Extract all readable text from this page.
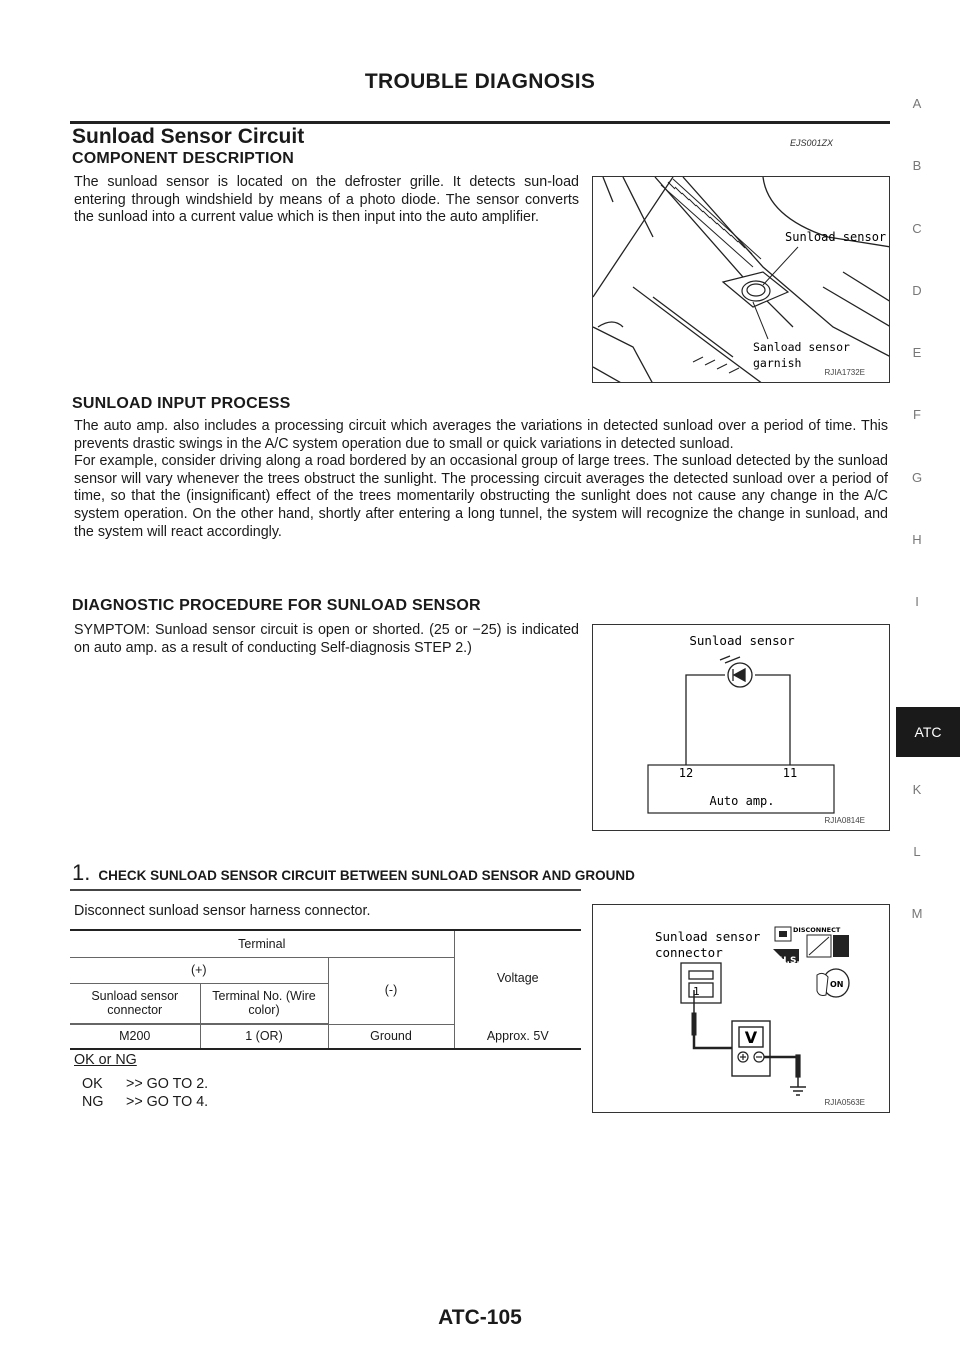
TROUBLE DIAGNOSIS
Sunload Sensor Circuit	EJS001ZX
COMPONENT DESCRIPTION

The sunload sensor is located on the defroster grille. It detects sun-load entering through windshield by means of a photo diode. The sensor converts the sunload into a current value which is then input into the auto amplifier.

Sunload sensor
Sanload sensor
garnish
RJIA1732E
SUNLOAD INPUT PROCESS

The auto amp. also includes a processing circuit which averages the variations in detected sunload over a period of time. This prevents drastic swings in the A/C system operation due to small or quick variations in detected sunload.

For example, consider driving along a road bordered by an occasional group of large trees. The sunload detected by the sunload sensor will vary whenever the trees obstruct the sunlight. The processing circuit averages the detected sunload over a period of time, so that the (insignificant) effect of the trees momentarily obstructing the sunlight does not cause any change in the A/C system operation. On the other hand, shortly after entering a long tunnel, the system will recognize the change in sunload, and the system will react accordingly.

DIAGNOSTIC PROCEDURE FOR SUNLOAD SENSOR

SYMPTOM: Sunload sensor circuit is open or shorted. (25 or −25) is indicated on auto amp. as a result of conducting Self-diagnosis STEP 2.)	Sunload sensor
12	11
Auto amp.
RJIA0814E
1. CHECK SUNLOAD SENSOR CIRCUIT BETWEEN SUNLOAD SENSOR AND GROUND
Disconnect sunload sensor harness connector.
Terminal			Voltage
(+)		(-)	
Sunload sensor connector	Terminal No. (Wire color)		

M200	1 (OR)	Ground	Approx. 5V
OK or NG
OK >> GO TO 2.
NG >> GO TO 4.
Sunload sensor
connector
1
V
DISCONNECT
H.S.
ON
RJIA0563E
A
B
C
D
E
F
G
H
I
ATC
K
L
M
ATC-105
